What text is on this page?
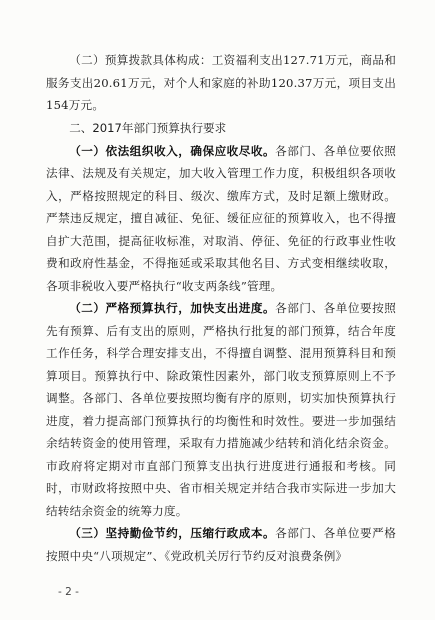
（二）预算拨款具体构成：工资福利支出127.71万元，商品和服务支出20.61万元，对个人和家庭的补助120.37万元，项目支出154万元。

二、2017年部门预算执行要求

（一）依法组织收入，确保应收尽收。各部门、各单位要依照法律、法规及有关规定，加大收入管理工作力度，积极组织各项收入，严格按照规定的科目、级次、缴库方式，及时足额上缴财政。严禁违反规定，擅自减征、免征、缓征应征的预算收入，也不得擅自扩大范围，提高征收标准，对取消、停征、免征的行政事业性收费和政府性基金，不得拖延或采取其他名目、方式变相继续收取，各项非税收入要严格执行“收支两条线”管理。

（二）严格预算执行，加快支出进度。各部门、各单位要按照先有预算、后有支出的原则，严格执行批复的部门预算，结合年度工作任务，科学合理安排支出，不得擅自调整、混用预算科目和预算项目。预算执行中、除政策性因素外，部门收支预算原则上不予调整。各部门、各单位要按照均衡有序的原则，切实加快预算执行进度，着力提高部门预算执行的均衡性和时效性。要进一步加强结余结转资金的使用管理，采取有力措施减少结转和消化结余资金。市政府将定期对市直部门预算支出执行进度进行通报和考核。同时，市财政将按照中央、省市相关规定并结合我市实际进一步加大结转结余资金的统筹力度。

（三）坚持勤俭节约，压缩行政成本。各部门、各单位要严格按照中央“八项规定”、《党政机关厉行节约反对浪费条例》

- 2 -
